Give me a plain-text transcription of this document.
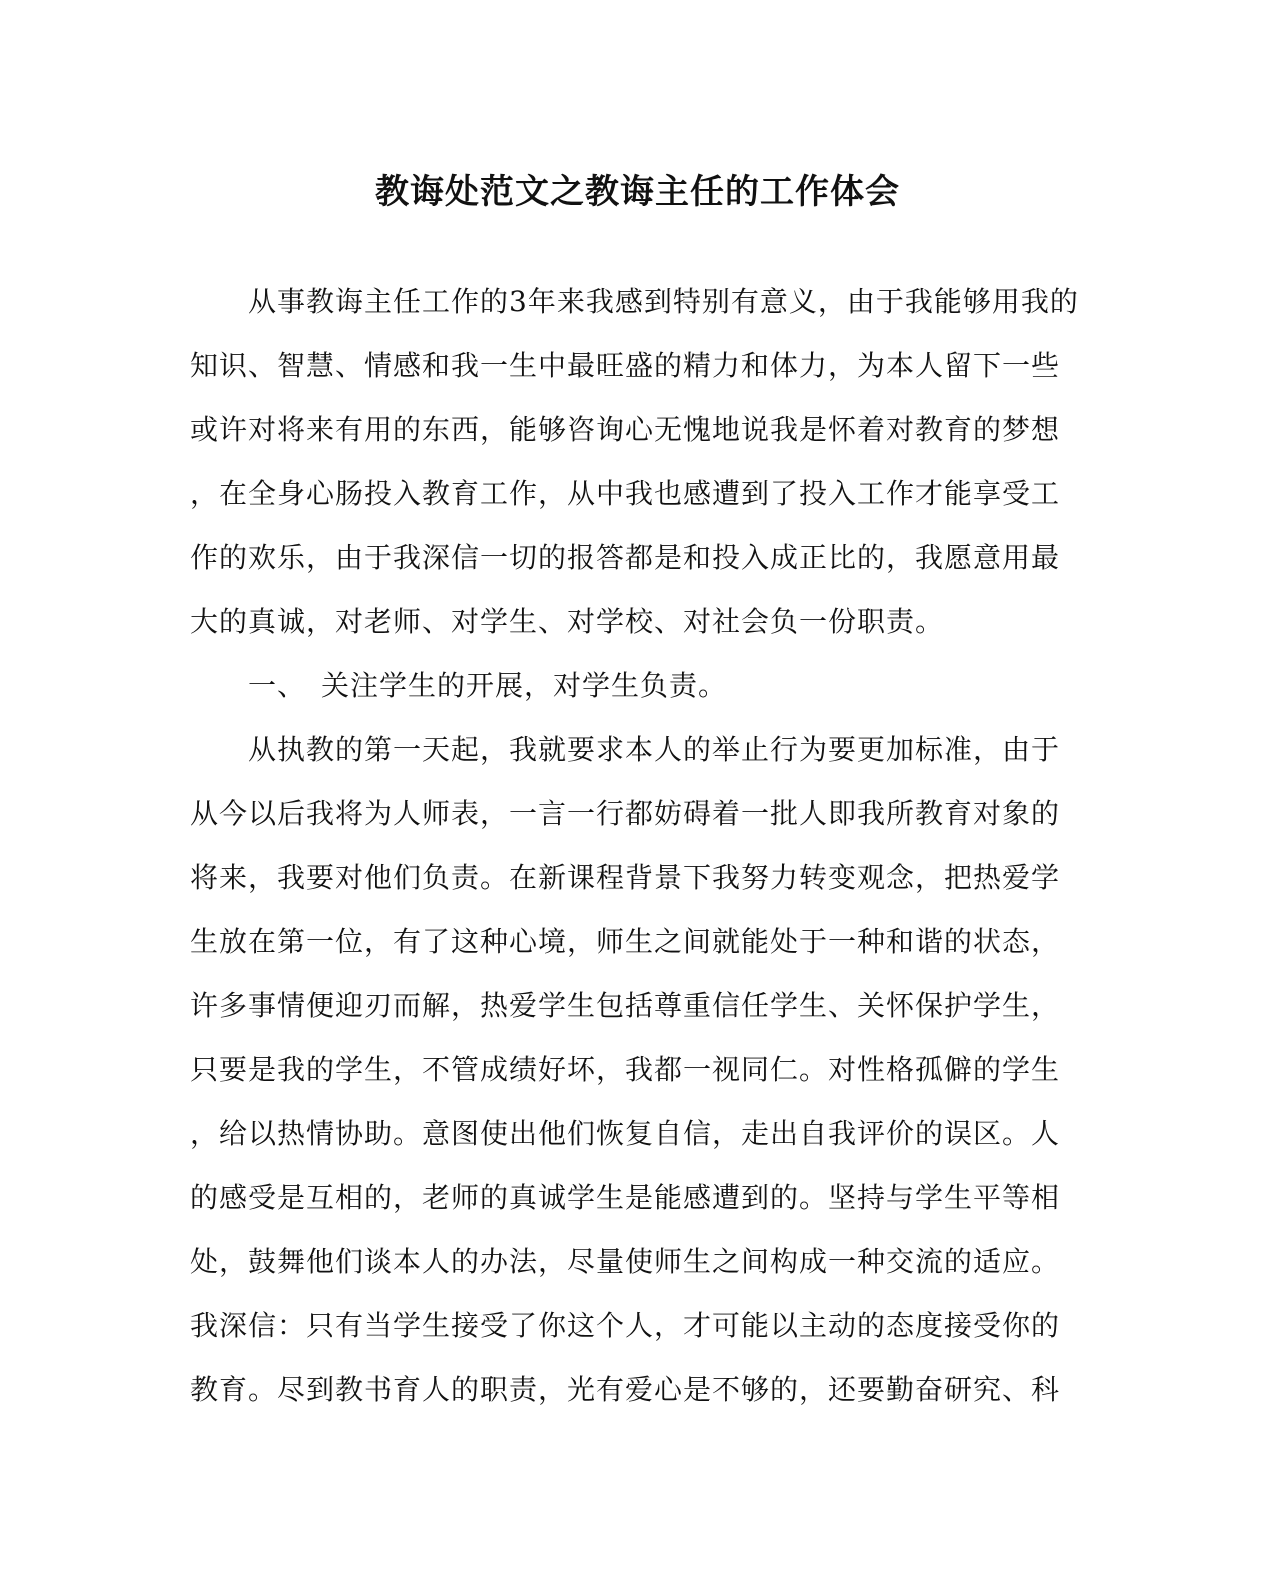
教诲处范文之教诲主任的工作体会
　　从事教诲主任工作的3年来我感到特别有意义，由于我能够用我的
知识、智慧、情感和我一生中最旺盛的精力和体力，为本人留下一些
或许对将来有用的东西，能够咨询心无愧地说我是怀着对教育的梦想
，在全身心肠投入教育工作，从中我也感遭到了投入工作才能享受工
作的欢乐，由于我深信一切的报答都是和投入成正比的，我愿意用最
大的真诚，对老师、对学生、对学校、对社会负一份职责。
　　一、　关注学生的开展，对学生负责。
　　从执教的第一天起，我就要求本人的举止行为要更加标准，由于
从今以后我将为人师表，一言一行都妨碍着一批人即我所教育对象的
将来，我要对他们负责。在新课程背景下我努力转变观念，把热爱学
生放在第一位，有了这种心境，师生之间就能处于一种和谐的状态，
许多事情便迎刃而解，热爱学生包括尊重信任学生、关怀保护学生，
只要是我的学生，不管成绩好坏，我都一视同仁。对性格孤僻的学生
，给以热情协助。意图使出他们恢复自信，走出自我评价的误区。人
的感受是互相的，老师的真诚学生是能感遭到的。坚持与学生平等相
处，鼓舞他们谈本人的办法，尽量使师生之间构成一种交流的适应。
我深信：只有当学生接受了你这个人，才可能以主动的态度接受你的
教育。尽到教书育人的职责，光有爱心是不够的，还要勤奋研究、科
